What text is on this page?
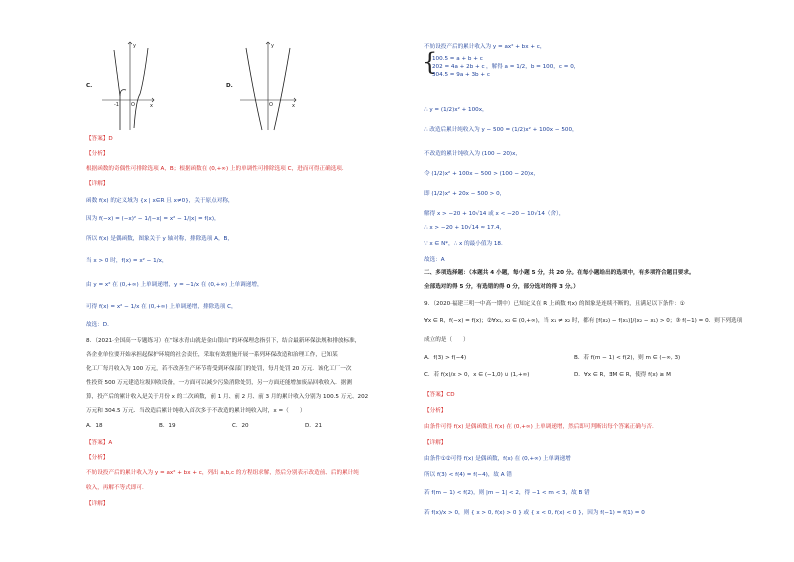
C.
y
x
O
-1
D.
y
x
O
【答案】D
【分析】
根据函数的奇偶性可排除选项 A，B；根据函数在 (0,+∞) 上的单调性可排除选项 C，进而可得正确选项.
【详解】
函数 f(x) 的定义域为 {x | x∈R 且 x≠0}，关于原点对称，
因为 f(−x) = (−x)² − 1/|−x| = x² − 1/|x| = f(x)，
所以 f(x) 是偶函数，图象关于 y 轴对称，排除选项 A，B，
当 x > 0 时，f(x) = x² − 1/x，
由 y = x² 在 (0,+∞) 上单调递增，y = −1/x 在 (0,+∞) 上单调递增，
可得 f(x) = x² − 1/x 在 (0,+∞) 上单调递增，排除选项 C，
故选：D.
8．（2021·全国高一专题练习）在“绿水青山就是金山银山”的环保理念指引下，结合最新环保法规和排放标准，
各企业单位要开始承担起保护环境的社会责任，采取有效措施开展一系列环保改造和治理工作，已知某
化工厂每月收入为 100 万元，若不改善生产环节将受到环保部门的处罚，每月处罚 20 万元．该化工厂一次
性投资 500 万元建造垃圾回收设备，一方面可以减少污染消除处罚，另一方面还能增加废品回收收入．据测
算，投产后的累计收入是关于月份 x 的二次函数，前 1 月、前 2 月、前 3 月的累计收入分别为 100.5 万元、202
万元和 304.5 万元．当改造后累计纯收入首次多于不改造的累计纯收入时，x =（　　）
A．18	B．19	C．20	D．21
【答案】A
【分析】
不妨设投产后的累计收入为 y = ax² + bx + c，列出 a,b,c 的方程组求解，然后分别表示改造前、后的累计纯
收入，再解不等式即可.
【详解】
不妨设投产后的累计收入为 y = ax² + bx + c，
{
100.5 = a + b + c
202 = 4a + 2b + c
304.5 = 9a + 3b + c
，解得 a = 1/2，b = 100，c = 0，
∴ y = (1/2)x² + 100x，
∴ 改造后累计纯收入为 y − 500 = (1/2)x² + 100x − 500，
不改造的累计纯收入为 (100 − 20)x，
令 (1/2)x² + 100x − 500 > (100 − 20)x，
即 (1/2)x² + 20x − 500 > 0，
解得 x > −20 + 10√14 或 x < −20 − 10√14（舍），
∴ x > −20 + 10√14 ≈ 17.4，
∵ x ∈ N*，∴ x 的最小值为 18.
故选：A
二、多项选择题：（本题共 4 小题，每小题 5 分，共 20 分。在每小题给出的选项中，有多项符合题目要求。
全部选对的得 5 分，有选错的得 0 分，部分选对的得 3 分。）
9．（2020·福建三明一中高一期中）已知定义在 R 上函数 f(x) 的图象是连续不断的，且满足以下条件：①
∀x ∈ R，f(−x) = f(x)；②∀x₁, x₂ ∈ (0,+∞)，当 x₁ ≠ x₂ 时，都有 [f(x₂) − f(x₁)]/(x₂ − x₁) > 0；③ f(−1) = 0．则下列选项
成立的是（　　）
A．f(3) > f(−4)	B．若 f(m − 1) < f(2)，则 m ∈ (−∞, 3)
C．若 f(x)/x > 0，x ∈ (−1,0) ∪ (1,+∞)	D．∀x ∈ R，∃M ∈ R，使得 f(x) ≥ M
【答案】CD
【分析】
由条件可得 f(x) 是偶函数且 f(x) 在 (0,+∞) 上单调递增，然后即可判断出每个答案正确与否.
【详解】
由条件①②可得 f(x) 是偶函数，f(x) 在 (0,+∞) 上单调递增
所以 f(3) < f(4) = f(−4)，故 A 错
若 f(m − 1) < f(2)，则 |m − 1| < 2，得 −1 < m < 3，故 B 错
若 f(x)/x > 0，则 { x > 0, f(x) > 0 } 或 { x < 0, f(x) < 0 }，因为 f(−1) = f(1) = 0
